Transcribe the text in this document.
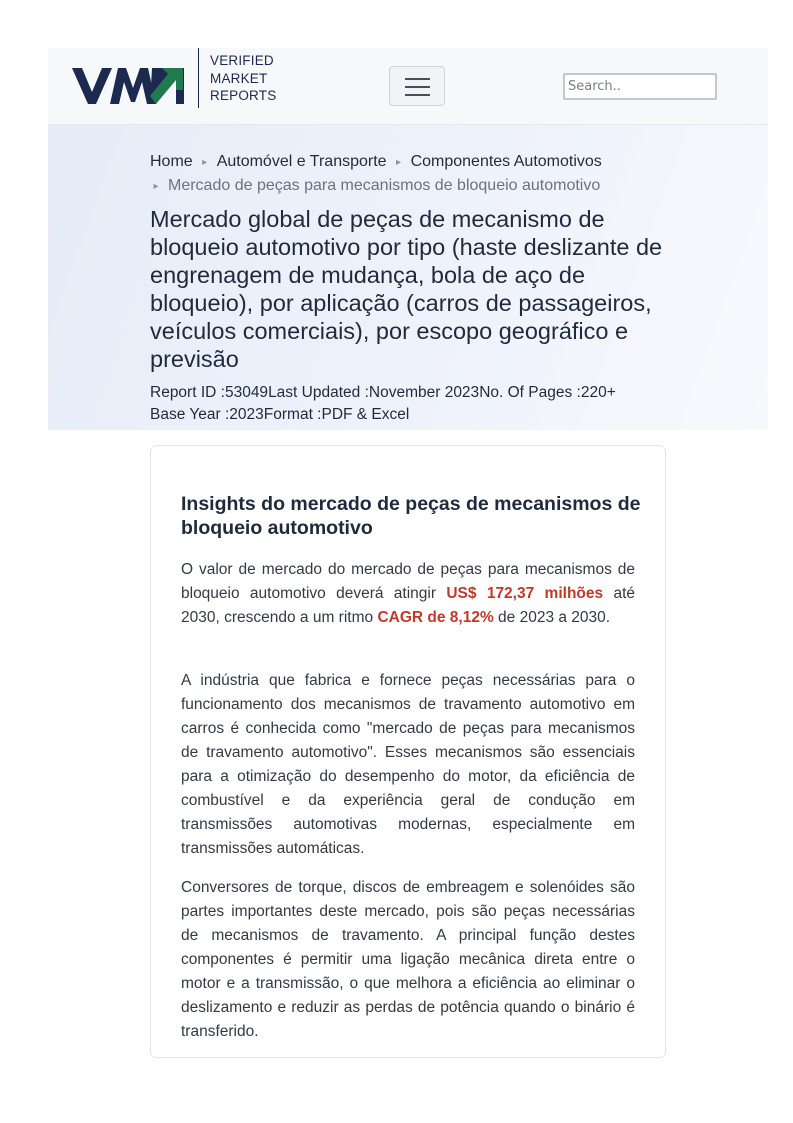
VERIFIED
MARKET
REPORTS
Search..
Home ▸ Automóvel e Transporte ▸ Componentes Automotivos
▸ Mercado de peças para mecanismos de bloqueio automotivo
Mercado global de peças de mecanismo de bloqueio automotivo por tipo (haste deslizante de engrenagem de mudança, bola de aço de bloqueio), por aplicação (carros de passageiros, veículos comerciais), por escopo geográfico e previsão
Report ID : 53049 Last Updated : November 2023 No. Of Pages : 220+
Base Year : 2023 Format : PDF & Excel
Insights do mercado de peças de mecanismos de bloqueio automotivo

O valor de mercado do mercado de peças para mecanismos de bloqueio automotivo deverá atingir US$ 172,37 milhões até 2030, crescendo a um ritmo CAGR de 8,12% de 2023 a 2030.

A indústria que fabrica e fornece peças necessárias para o funcionamento dos mecanismos de travamento automotivo em carros é conhecida como "mercado de peças para mecanismos de travamento automotivo". Esses mecanismos são essenciais para a otimização do desempenho do motor, da eficiência de combustível e da experiência geral de condução em transmissões automotivas modernas, especialmente em transmissões automáticas.

Conversores de torque, discos de embreagem e solenóides são partes importantes deste mercado, pois são peças necessárias de mecanismos de travamento. A principal função destes componentes é permitir uma ligação mecânica direta entre o motor e a transmissão, o que melhora a eficiência ao eliminar o deslizamento e reduzir as perdas de potência quando o binário é transferido.
